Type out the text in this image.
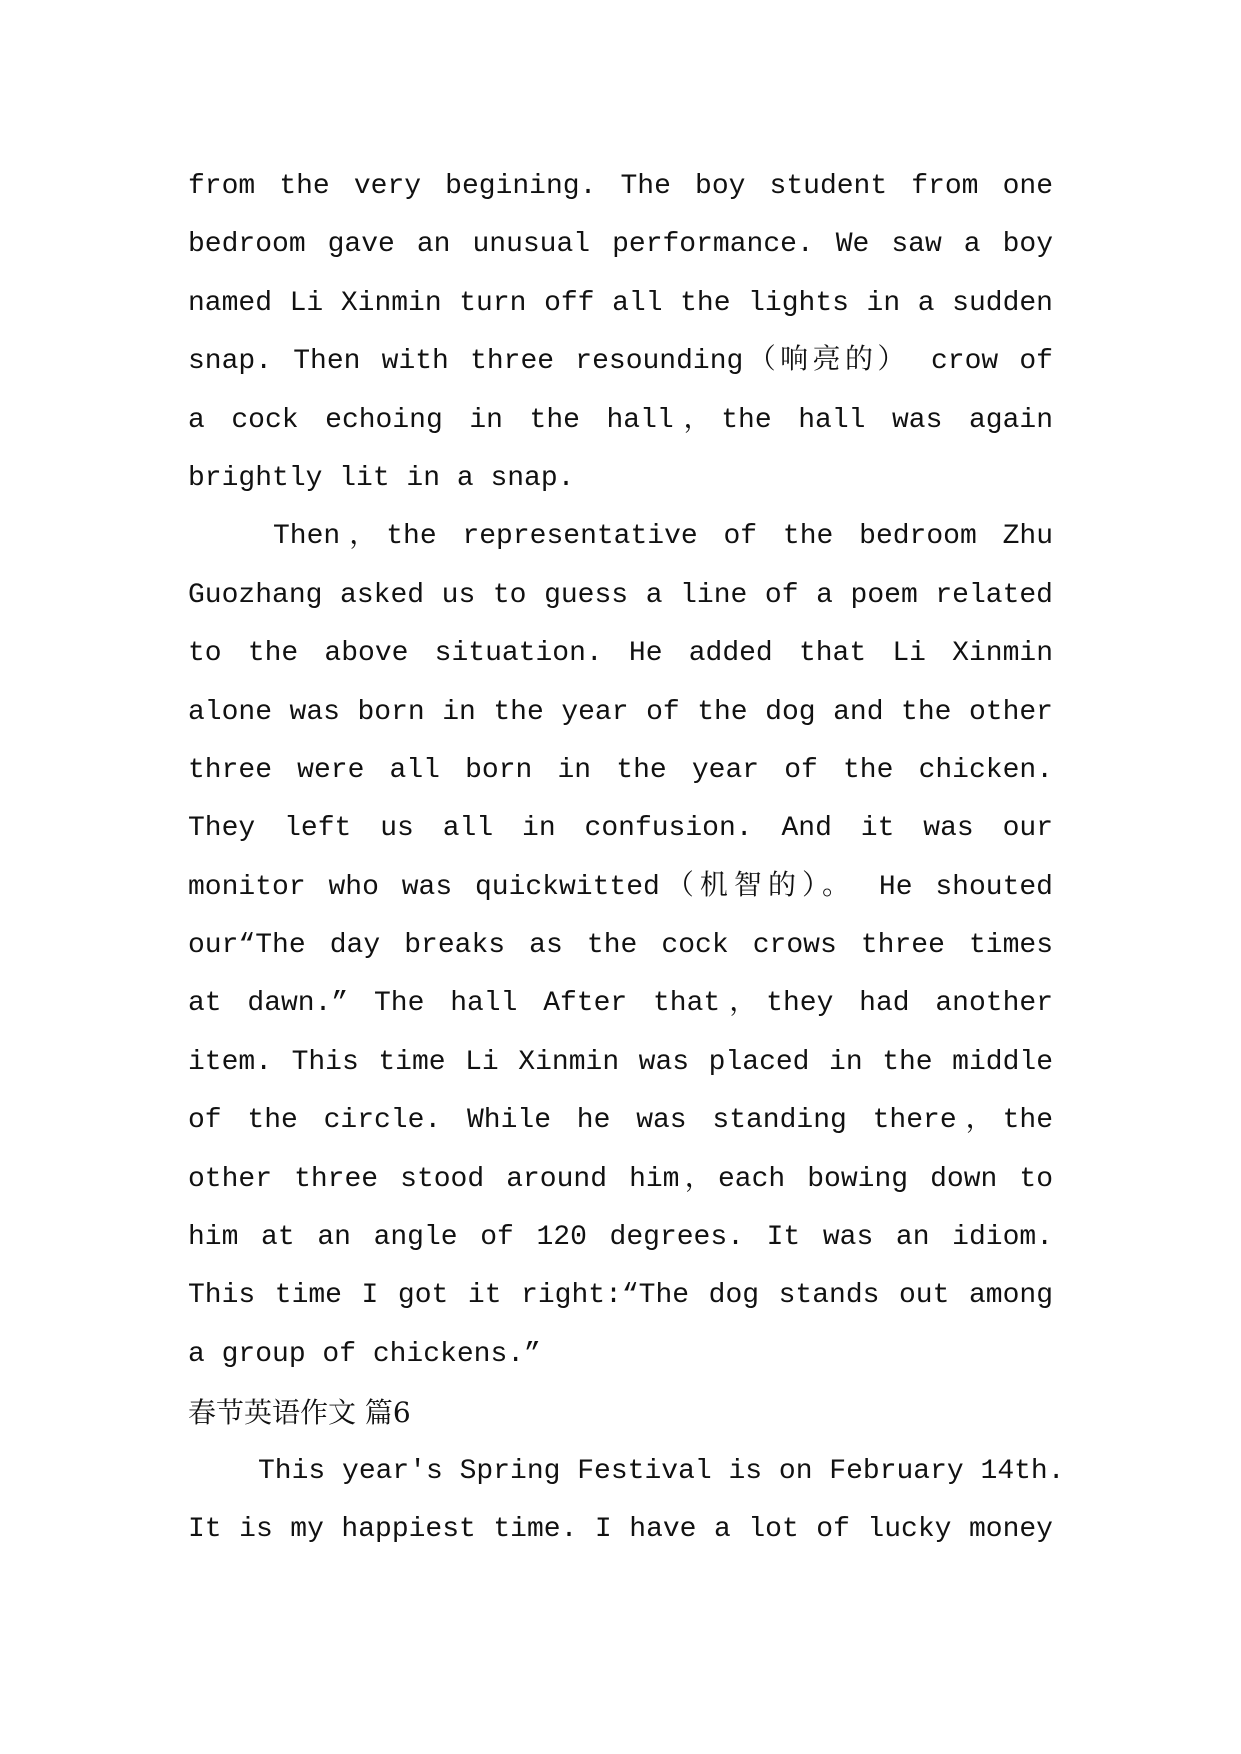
from the very begining. The boy student from one
bedroom gave an unusual performance. We saw a boy
named Li Xinmin turn off all the lights in a sudden
snap. Then with three resounding（响亮的） crow of
a cock echoing in the hall，the hall was again
brightly lit in a snap.
Then，the representative of the bedroom Zhu
Guozhang asked us to guess a line of a poem related
to the above situation. He added that Li Xinmin
alone was born in the year of the dog and the other
three were all born in the year of the chicken.
They left us all in confusion. And it was our
monitor who was quickwitted（机智的）。 He shouted
our“The day breaks as the cock crows three times
at dawn.” The hall After that，they had another
item. This time Li Xinmin was placed in the middle
of the circle. While he was standing there，the
other three stood around him，each bowing down to
him at an angle of 120 degrees. It was an idiom.
This time I got it right:“The dog stands out among
a group of chickens.”
春节英语作文 篇6
This year's Spring Festival is on February 14th.
It is my happiest time. I have a lot of lucky money
